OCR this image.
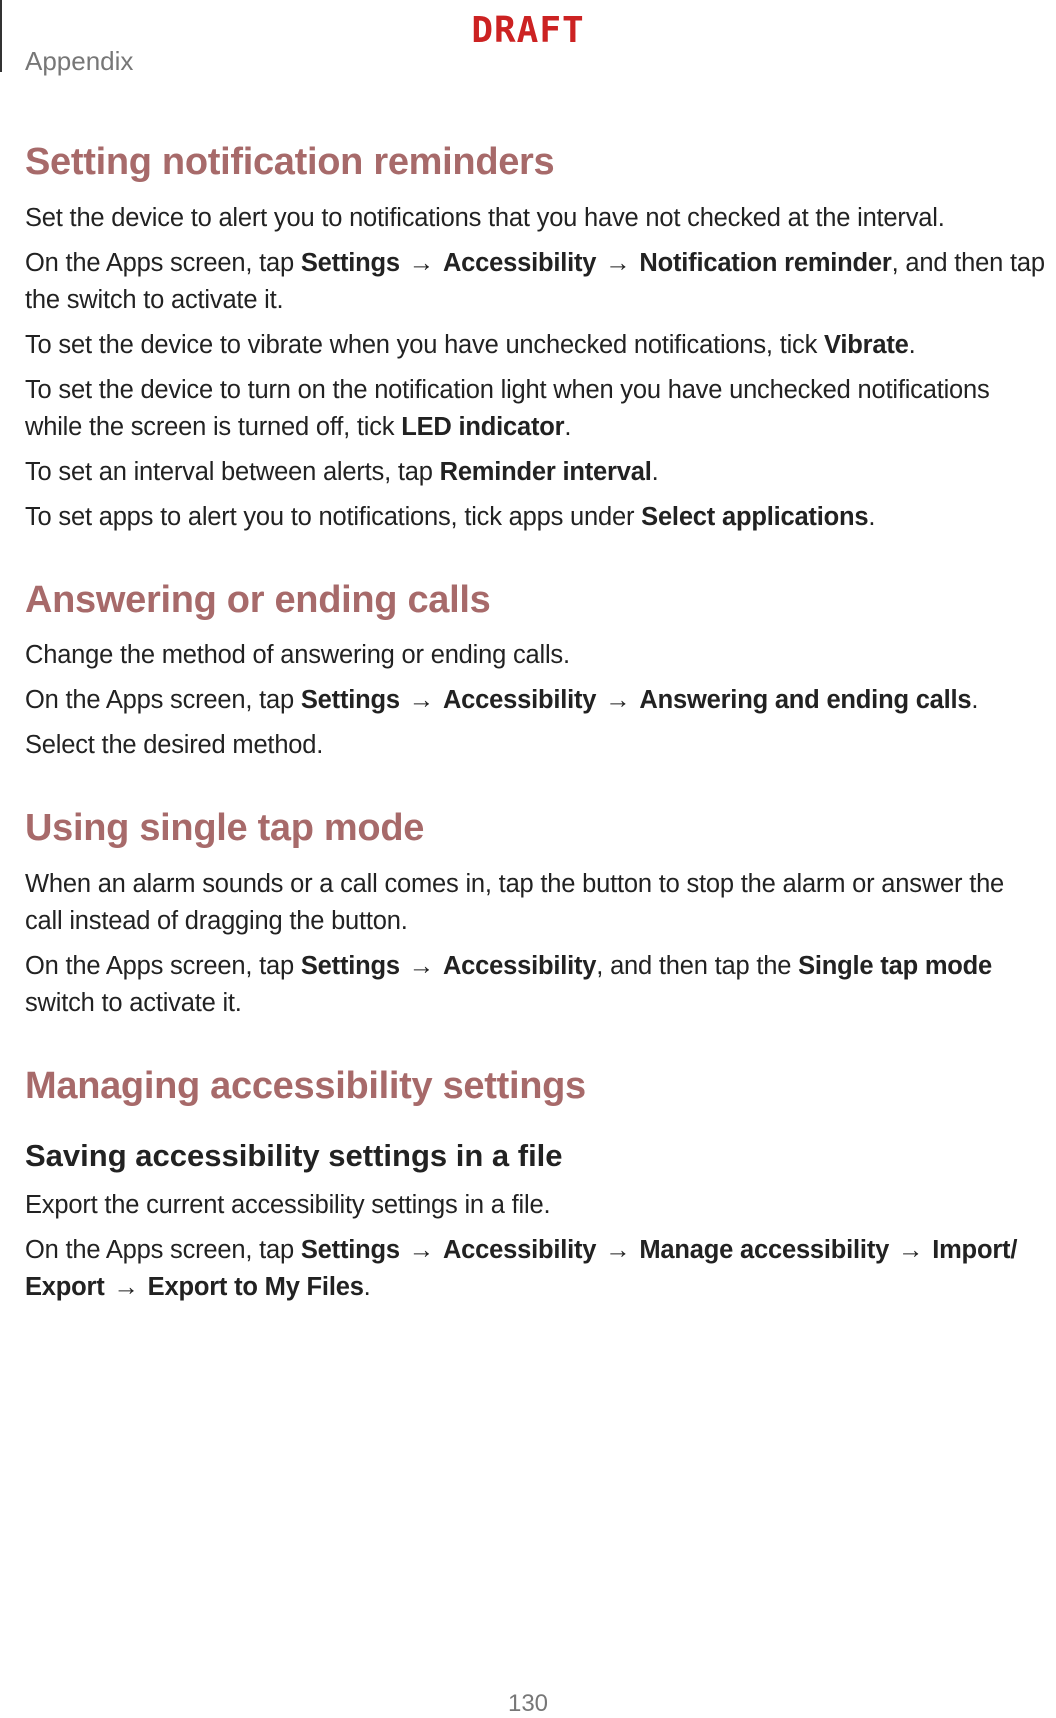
DRAFT
Appendix
Setting notification reminders

Set the device to alert you to notifications that you have not checked at the interval.

On the Apps screen, tap Settings → Accessibility → Notification reminder, and then tap the switch to activate it.

To set the device to vibrate when you have unchecked notifications, tick Vibrate.

To set the device to turn on the notification light when you have unchecked notifications while the screen is turned off, tick LED indicator.

To set an interval between alerts, tap Reminder interval.

To set apps to alert you to notifications, tick apps under Select applications.

Answering or ending calls

Change the method of answering or ending calls.

On the Apps screen, tap Settings → Accessibility → Answering and ending calls.

Select the desired method.

Using single tap mode

When an alarm sounds or a call comes in, tap the button to stop the alarm or answer the call instead of dragging the button.

On the Apps screen, tap Settings → Accessibility, and then tap the Single tap mode switch to activate it.

Managing accessibility settings
Saving accessibility settings in a file

Export the current accessibility settings in a file.

On the Apps screen, tap Settings → Accessibility → Manage accessibility → Import/ Export → Export to My Files.

130
